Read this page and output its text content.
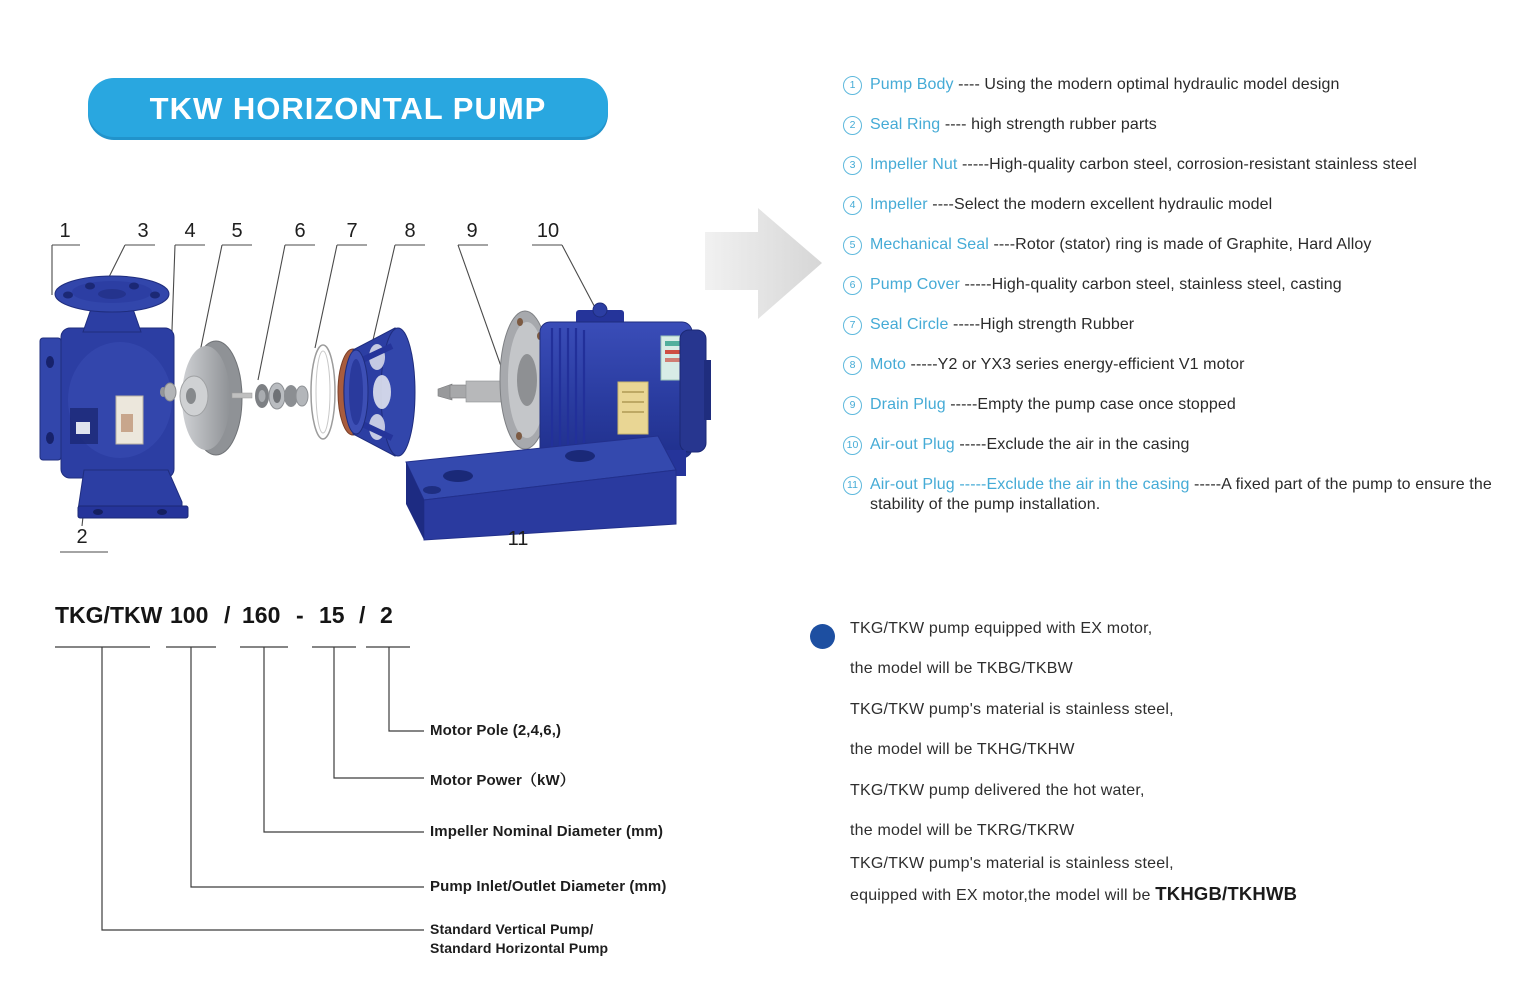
TKW HORIZONTAL PUMP
1	3 4 5	6 7 8	9	10
2	11
1 Pump Body ---- Using the modern optimal hydraulic model design
2 Seal Ring ---- high strength rubber parts
3 Impeller Nut -----High-quality carbon steel, corrosion-resistant stainless steel
4 Impeller ----Select the modern excellent hydraulic model
5 Mechanical Seal ----Rotor (stator) ring is made of Graphite, Hard Alloy
6 Pump Cover -----High-quality carbon steel, stainless steel, casting
7 Seal Circle -----High strength Rubber
8 Moto -----Y2 or YX3 series energy-efficient V1 motor
9 Drain Plug -----Empty the pump case once stopped
10 Air-out Plug -----Exclude the air in the casing
11 Air-out Plug -----Exclude the air in the casing -----A fixed part of the pump to ensure the stability of the pump installation.
TKG/TKW 100 / 160 - 15 / 2
Motor Pole (2,4,6,)
Motor Power（kW）
Impeller Nominal Diameter (mm)
Pump Inlet/Outlet Diameter (mm)
Standard Vertical Pump/
Standard Horizontal Pump
TKG/TKW pump equipped with EX motor,
the model will be TKBG/TKBW
TKG/TKW pump's material is stainless steel,
the model will be TKHG/TKHW
TKG/TKW pump delivered the hot water,
the model will be TKRG/TKRW
TKG/TKW pump's material is stainless steel,
equipped with EX motor,the model will be TKHGB/TKHWB
